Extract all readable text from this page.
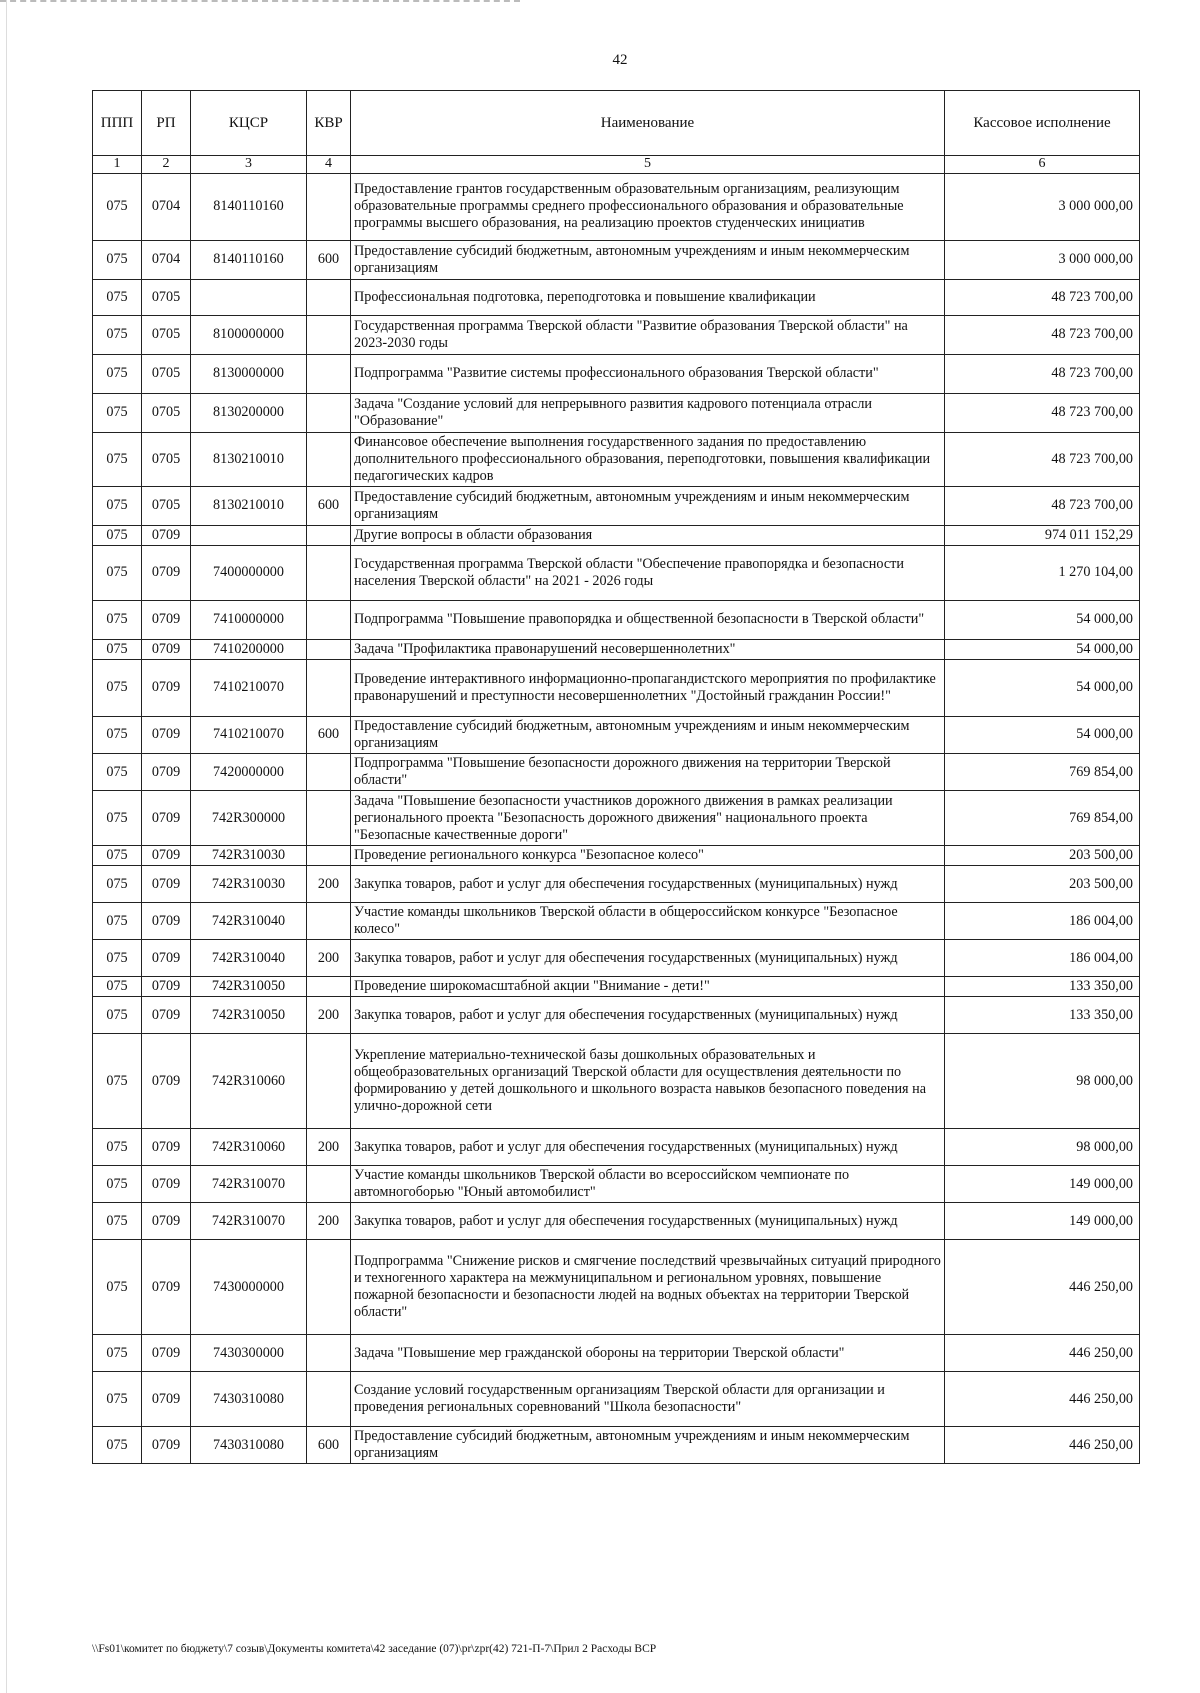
42
ППП	РП	КЦСР	КВР	Наименование	Кассовое исполнение
1	2	3	4	5	6
075	0704	8140110160		Предоставление грантов государственным образовательным организациям, реализующим образовательные программы среднего профессионального образования и образовательные программы высшего образования, на реализацию проектов студенческих инициатив	3 000 000,00
075	0704	8140110160	600	Предоставление субсидий бюджетным, автономным учреждениям и иным некоммерческим организациям	3 000 000,00
075	0705			Профессиональная подготовка, переподготовка и повышение квалификации	48 723 700,00
075	0705	8100000000		Государственная программа Тверской области "Развитие образования Тверской области" на 2023-2030 годы	48 723 700,00
075	0705	8130000000		Подпрограмма "Развитие системы профессионального образования Тверской области"	48 723 700,00
075	0705	8130200000		Задача "Создание условий для непрерывного развития кадрового потенциала отрасли "Образование"	48 723 700,00
075	0705	8130210010		Финансовое обеспечение выполнения государственного задания по предоставлению дополнительного профессионального образования, переподготовки, повышения квалификации педагогических кадров	48 723 700,00
075	0705	8130210010	600	Предоставление субсидий бюджетным, автономным учреждениям и иным некоммерческим организациям	48 723 700,00
075	0709			Другие вопросы в области образования	974 011 152,29
075	0709	7400000000		Государственная программа Тверской области "Обеспечение правопорядка и безопасности населения Тверской области" на 2021 - 2026 годы	1 270 104,00
075	0709	7410000000		Подпрограмма "Повышение правопорядка и общественной безопасности в Тверской области"	54 000,00
075	0709	7410200000		Задача "Профилактика правонарушений несовершеннолетних"	54 000,00
075	0709	7410210070		Проведение интерактивного информационно-пропагандистского мероприятия по профилактике правонарушений и преступности несовершеннолетних "Достойный гражданин России!"	54 000,00
075	0709	7410210070	600	Предоставление субсидий бюджетным, автономным учреждениям и иным некоммерческим организациям	54 000,00
075	0709	7420000000		Подпрограмма "Повышение безопасности дорожного движения на территории Тверской области"	769 854,00
075	0709	742R300000		Задача "Повышение безопасности участников дорожного движения в рамках реализации регионального проекта "Безопасность дорожного движения" национального проекта "Безопасные качественные дороги"	769 854,00
075	0709	742R310030		Проведение регионального конкурса "Безопасное колесо"	203 500,00
075	0709	742R310030	200	Закупка товаров, работ и услуг для обеспечения государственных (муниципальных) нужд	203 500,00
075	0709	742R310040		Участие команды школьников Тверской области в общероссийском конкурсе "Безопасное колесо"	186 004,00
075	0709	742R310040	200	Закупка товаров, работ и услуг для обеспечения государственных (муниципальных) нужд	186 004,00
075	0709	742R310050		Проведение широкомасштабной акции "Внимание - дети!"	133 350,00
075	0709	742R310050	200	Закупка товаров, работ и услуг для обеспечения государственных (муниципальных) нужд	133 350,00
075	0709	742R310060		Укрепление материально-технической базы дошкольных образовательных и общеобразовательных организаций Тверской области для осуществления деятельности по формированию у детей дошкольного и школьного возраста навыков безопасного поведения на улично-дорожной сети	98 000,00
075	0709	742R310060	200	Закупка товаров, работ и услуг для обеспечения государственных (муниципальных) нужд	98 000,00
075	0709	742R310070		Участие команды школьников Тверской области во всероссийском чемпионате по автомногоборью "Юный автомобилист"	149 000,00
075	0709	742R310070	200	Закупка товаров, работ и услуг для обеспечения государственных (муниципальных) нужд	149 000,00
075	0709	7430000000		Подпрограмма "Снижение рисков и смягчение последствий чрезвычайных ситуаций природного и техногенного характера на межмуниципальном и региональном уровнях, повышение пожарной безопасности и безопасности людей на водных объектах на территории Тверской области"	446 250,00
075	0709	7430300000		Задача "Повышение мер гражданской обороны на территории Тверской области"	446 250,00
075	0709	7430310080		Создание условий государственным организациям Тверской области для организации и проведения региональных соревнований "Школа безопасности"	446 250,00
075	0709	7430310080	600	Предоставление субсидий бюджетным, автономным учреждениям и иным некоммерческим организациям	446 250,00
\\Fs01\комитет по бюджету\7 созыв\Документы комитета\42 заседание (07)\pr\zpr(42) 721-П-7\Прил 2 Расходы ВСР
